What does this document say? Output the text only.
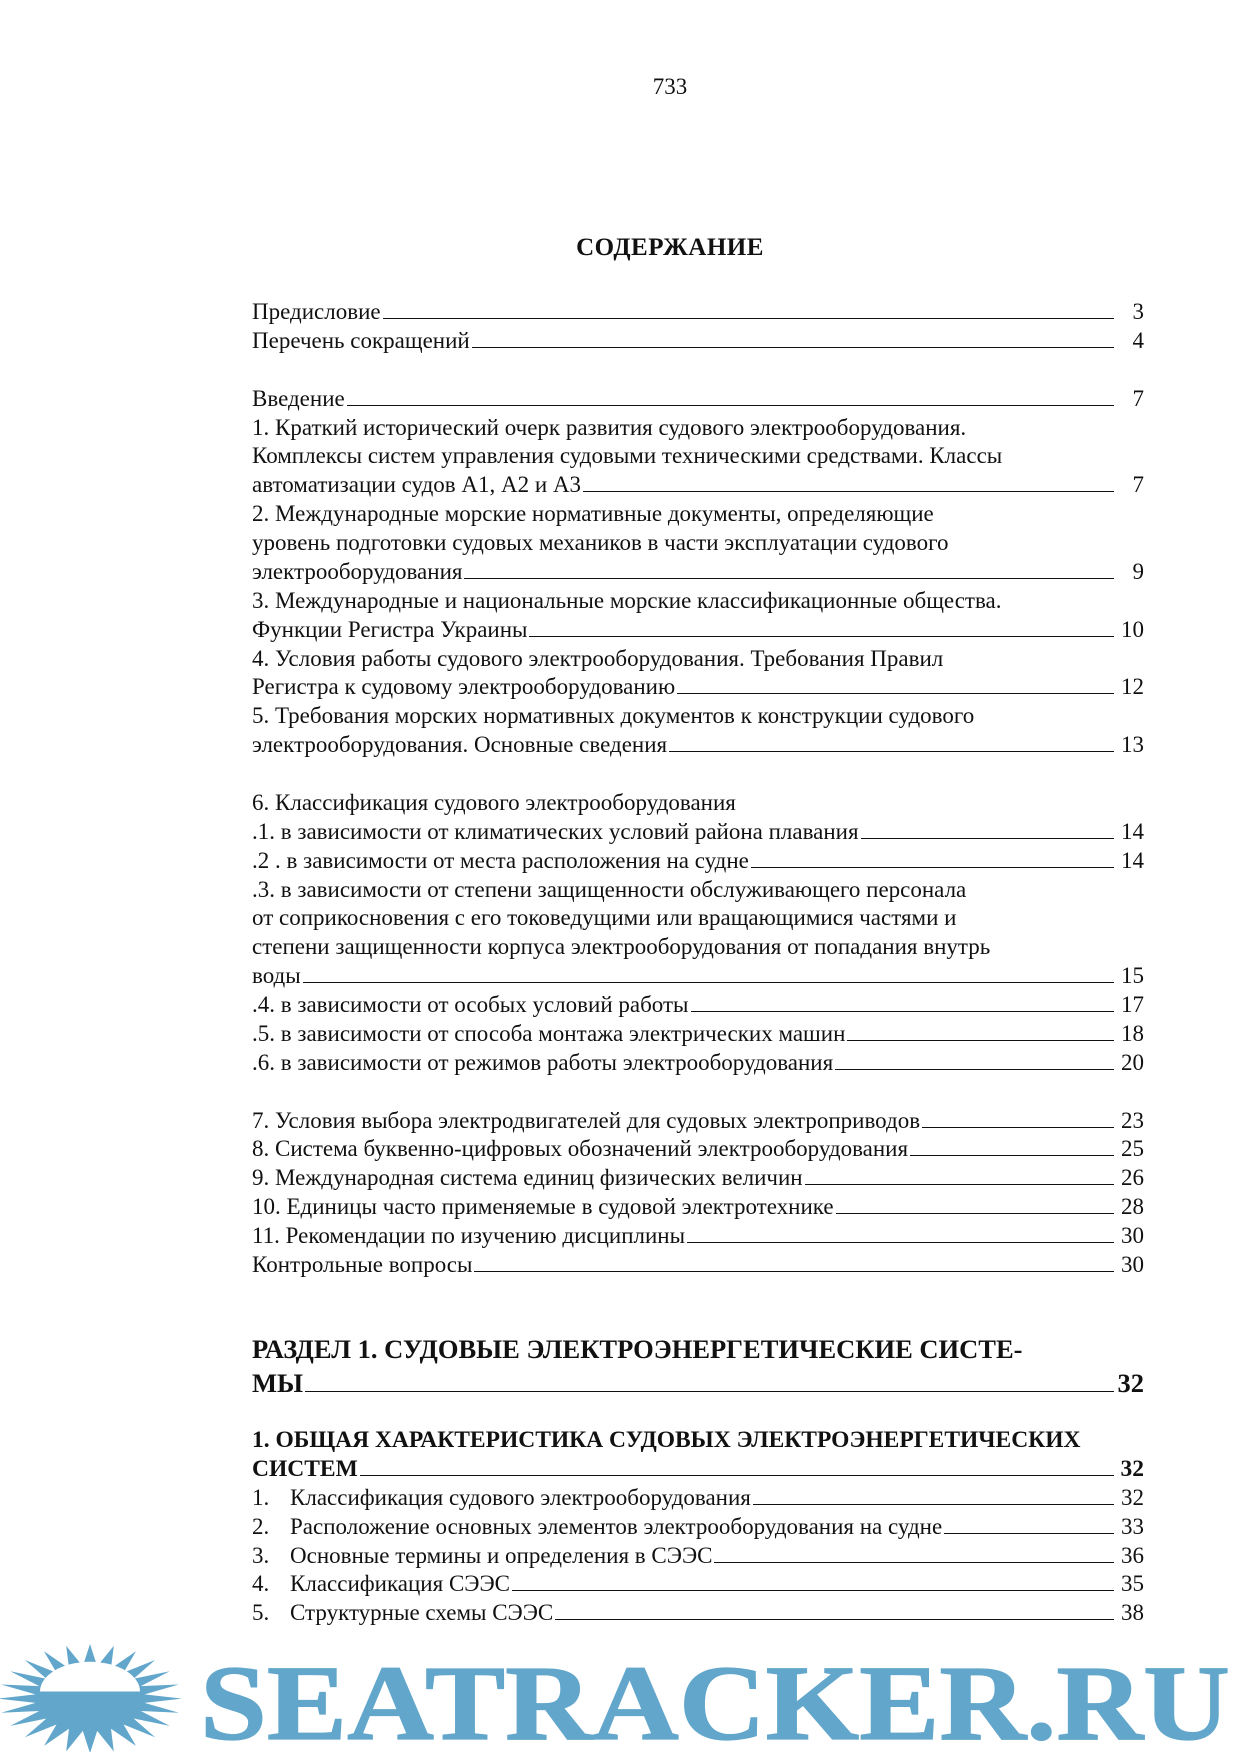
733
СОДЕРЖАНИЕ
Предисловие	3
Перечень сокращений	4
Введение	7
1. Краткий исторический очерк развития судового электрооборудования.
Комплексы систем управления судовыми техническими средствами. Классы
автоматизации судов А1, А2 и А3	7
2. Международные морские нормативные документы, определяющие
уровень подготовки судовых механиков в части эксплуатации судового
электрооборудования	9
3. Международные и национальные морские классификационные общества.
Функции Регистра Украины	10
4. Условия работы судового электрооборудования. Требования Правил
Регистра к судовому электрооборудованию	12
5. Требования морских нормативных документов к конструкции судового
электрооборудования. Основные сведения	13
6. Классификация судового электрооборудования
.1. в зависимости от климатических условий района плавания	14
.2 . в зависимости от места расположения на судне	14
.3. в зависимости от степени защищенности обслуживающего персонала
от соприкосновения с его токоведущими или вращающимися частями и
степени защищенности корпуса электрооборудования от попадания внутрь
воды	15
.4. в зависимости от особых условий работы	17
.5. в зависимости от способа монтажа электрических машин	18
.6. в зависимости от режимов работы электрооборудования	20
7. Условия выбора электродвигателей для судовых электроприводов	23
8. Система буквенно-цифровых обозначений электрооборудования	25
9. Международная система единиц физических величин	26
10. Единицы часто применяемые в судовой электротехнике	28
11. Рекомендации по изучению дисциплины	30
Контрольные вопросы	30
РАЗДЕЛ 1. СУДОВЫЕ ЭЛЕКТРОЭНЕРГЕТИЧЕСКИЕ СИСТЕ-
МЫ	32
1. ОБЩАЯ ХАРАКТЕРИСТИКА СУДОВЫХ ЭЛЕКТРОЭНЕРГЕТИЧЕСКИХ
СИСТЕМ	32
1. Классификация судового электрооборудования	32
2. Расположение основных элементов электрооборудования на судне	33
3. Основные термины и определения в СЭЭС	36
4. Классификация СЭЭС	35
5. Структурные схемы СЭЭС	38
SEATRACKER.RU
